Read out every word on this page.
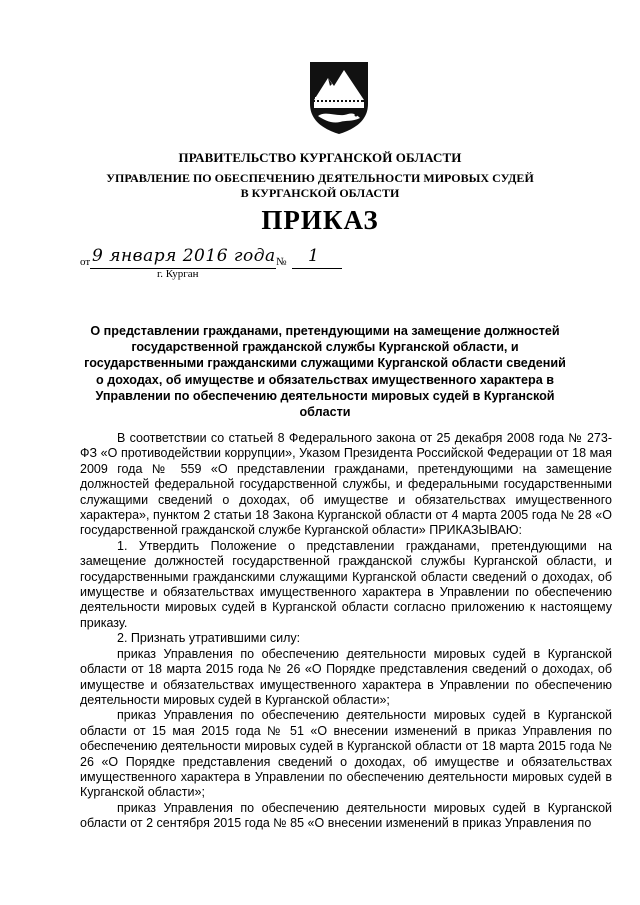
ПРАВИТЕЛЬСТВО КУРГАНСКОЙ ОБЛАСТИ
УПРАВЛЕНИЕ ПО ОБЕСПЕЧЕНИЮ ДЕЯТЕЛЬНОСТИ МИРОВЫХ СУДЕЙ
В КУРГАНСКОЙ ОБЛАСТИ
ПРИКАЗ
от 9 января 2016 года № 1
г. Курган
О представлении гражданами, претендующими на замещение должностей государственной гражданской службы Курганской области, и государственными гражданскими служащими Курганской области сведений о доходах, об имуществе и обязательствах имущественного характера в Управлении по обеспечению деятельности мировых судей в Курганской области

В соответствии со статьей 8 Федерального закона от 25 декабря 2008 года № 273-ФЗ «О противодействии коррупции», Указом Президента Российской Федерации от 18 мая 2009 года № 559 «О представлении гражданами, претендующими на замещение должностей федеральной государственной службы, и федеральными государственными служащими сведений о доходах, об имуществе и обязательствах имущественного характера», пунктом 2 статьи 18 Закона Курганской области от 4 марта 2005 года № 28 «О государственной гражданской службе Курганской области» ПРИКАЗЫВАЮ:

1. Утвердить Положение о представлении гражданами, претендующими на замещение должностей государственной гражданской службы Курганской области, и государственными гражданскими служащими Курганской области сведений о доходах, об имуществе и обязательствах имущественного характера в Управлении по обеспечению деятельности мировых судей в Курганской области согласно приложению к настоящему приказу.

2. Признать утратившими силу:

приказ Управления по обеспечению деятельности мировых судей в Курганской области от 18 марта 2015 года № 26 «О Порядке представления сведений о доходах, об имуществе и обязательствах имущественного характера в Управлении по обеспечению деятельности мировых судей в Курганской области»;

приказ Управления по обеспечению деятельности мировых судей в Курганской области от 15 мая 2015 года № 51 «О внесении изменений в приказ Управления по обеспечению деятельности мировых судей в Курганской области от 18 марта 2015 года № 26 «О Порядке представления сведений о доходах, об имуществе и обязательствах имущественного характера в Управлении по обеспечению деятельности мировых судей в Курганской области»;

приказ Управления по обеспечению деятельности мировых судей в Курганской области от 2 сентября 2015 года № 85 «О внесении изменений в приказ Управления по
